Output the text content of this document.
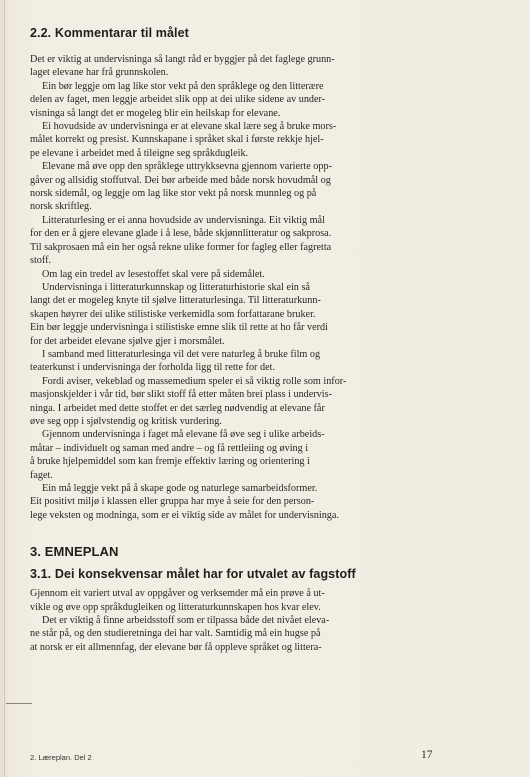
2.2. Kommentarar til målet

Det er viktig at undervisninga så langt råd er byggjer på det faglege grunn-
laget elevane har frå grunnskolen.
Ein bør leggje om lag like stor vekt på den språklege og den litterære
delen av faget, men leggje arbeidet slik opp at dei ulike sidene av under-
visninga så langt det er mogeleg blir ein heilskap for elevane.
Ei hovudside av undervisninga er at elevane skal lære seg å bruke mors-
målet korrekt og presist. Kunnskapane i språket skal i første rekkje hjel-
pe elevane i arbeidet med å tileigne seg språkdugleik.
Elevane må øve opp den språklege uttrykksevna gjennom varierte opp-
gåver og allsidig stoffutval. Dei bør arbeide med både norsk hovudmål og
norsk sidemål, og leggje om lag like stor vekt på norsk munnleg og på
norsk skriftleg.
Litteraturlesing er ei anna hovudside av undervisninga. Eit viktig mål
for den er å gjere elevane glade i å lese, både skjønnlitteratur og sakprosa.
Til sakprosaen må ein her også rekne ulike former for fagleg eller fagretta
stoff.
Om lag ein tredel av lesestoffet skal vere på sidemålet.
Undervisninga i litteraturkunnskap og litteraturhistorie skal ein så
langt det er mogeleg knyte til sjølve litteraturlesinga. Til litteraturkunn-
skapen høyrer dei ulike stilistiske verkemidla som forfattarane bruker.
Ein bør leggje undervisninga i stilistiske emne slik til rette at ho får verdi
for det arbeidet elevane sjølve gjer i morsmålet.
I samband med litteraturlesinga vil det vere naturleg å bruke film og
teaterkunst i undervisninga der forholda ligg til rette for det.
Fordi aviser, vekeblad og massemedium speler ei så viktig rolle som infor-
masjonskjelder i vår tid, bør slikt stoff få etter måten brei plass i undervis-
ninga. I arbeidet med dette stoffet er det særleg nødvendig at elevane får
øve seg opp i sjølvstendig og kritisk vurdering.
Gjennom undervisninga i faget må elevane få øve seg i ulike arbeids-
måtar – individuelt og saman med andre – og få rettleiing og øving i
å bruke hjelpemiddel som kan fremje effektiv læring og orientering i
faget.
Ein må leggje vekt på å skape gode og naturlege samarbeidsformer.
Eit positivt miljø i klassen eller gruppa har mye å seie for den person-
lege veksten og modninga, som er ei viktig side av målet for undervisninga.

3. EMNEPLAN
3.1. Dei konsekvensar målet har for utvalet av fagstoff

Gjennom eit variert utval av oppgåver og verksemder må ein prøve å ut-
vikle og øve opp språkdugleiken og litteraturkunnskapen hos kvar elev.
Det er viktig å finne arbeidsstoff som er tilpassa både det nivået eleva-
ne står på, og den studieretninga dei har valt. Samtidig må ein hugse på
at norsk er eit allmennfag, der elevane bør få oppleve språket og littera-

2. Læreplan. Del 2	17
